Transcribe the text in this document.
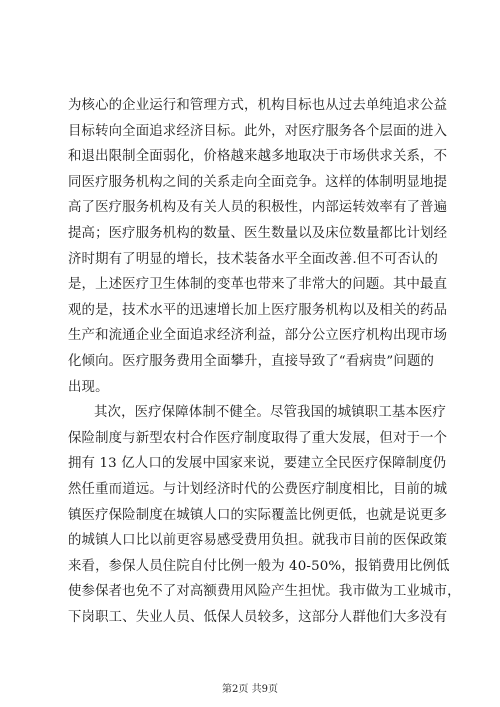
为核心的企业运行和管理方式，机构目标也从过去单纯追求公益
目标转向全面追求经济目标。此外，对医疗服务各个层面的进入
和退出限制全面弱化，价格越来越多地取决于市场供求关系，不
同医疗服务机构之间的关系走向全面竞争。这样的体制明显地提
高了医疗服务机构及有关人员的积极性，内部运转效率有了普遍
提高；医疗服务机构的数量、医生数量以及床位数量都比计划经
济时期有了明显的增长，技术装备水平全面改善.但不可否认的
是，上述医疗卫生体制的变革也带来了非常大的问题。其中最直
观的是，技术水平的迅速增长加上医疗服务机构以及相关的药品
生产和流通企业全面追求经济利益，部分公立医疗机构出现市场
化倾向。医疗服务费用全面攀升，直接导致了“看病贵”问题的
出现。
其次，医疗保障体制不健全。尽管我国的城镇职工基本医疗
保险制度与新型农村合作医疗制度取得了重大发展，但对于一个
拥有 13 亿人口的发展中国家来说，要建立全民医疗保障制度仍
然任重而道远。与计划经济时代的公费医疗制度相比，目前的城
镇医疗保险制度在城镇人口的实际覆盖比例更低，也就是说更多
的城镇人口比以前更容易感受费用负担。就我市目前的医保政策
来看，参保人员住院自付比例一般为 40-50%，报销费用比例低
使参保者也免不了对高额费用风险产生担忧。我市做为工业城市，
下岗职工、失业人员、低保人员较多，这部分人群他们大多没有
第2页 共9页
